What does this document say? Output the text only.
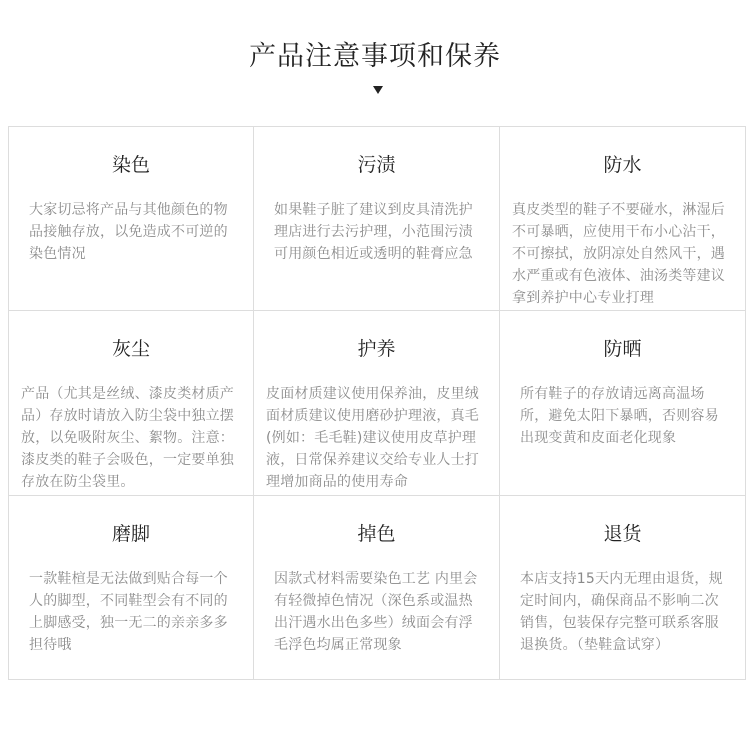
产品注意事项和保养
染色
大家切忌将产品与其他颜色的物品接触存放，以免造成不可逆的染色情况
污渍
如果鞋子脏了建议到皮具清洗护理店进行去污护理，小范围污渍可用颜色相近或透明的鞋膏应急
防水
真皮类型的鞋子不要碰水，淋湿后不可暴晒，应使用干布小心沾干，不可擦拭，放阴凉处自然风干，遇水严重或有色液体、油汤类等建议拿到养护中心专业打理
灰尘
产品（尤其是丝绒、漆皮类材质产品）存放时请放入防尘袋中独立摆放，以免吸附灰尘、絮物。注意：漆皮类的鞋子会吸色，一定要单独存放在防尘袋里。
护养
皮面材质建议使用保养油，皮里绒面材质建议使用磨砂护理液，真毛(例如：毛毛鞋)建议使用皮草护理液，日常保养建议交给专业人士打理增加商品的使用寿命
防晒
所有鞋子的存放请远离高温场所，避免太阳下暴晒，否则容易出现变黄和皮面老化现象
磨脚
一款鞋楦是无法做到贴合每一个人的脚型，不同鞋型会有不同的上脚感受，独一无二的亲亲多多担待哦
掉色
因款式材料需要染色工艺 内里会有轻微掉色情况（深色系或温热出汗遇水出色多些）绒面会有浮毛浮色均属正常现象
退货
本店支持15天内无理由退货，规定时间内，确保商品不影响二次销售，包装保存完整可联系客服退换货。（垫鞋盒试穿）
